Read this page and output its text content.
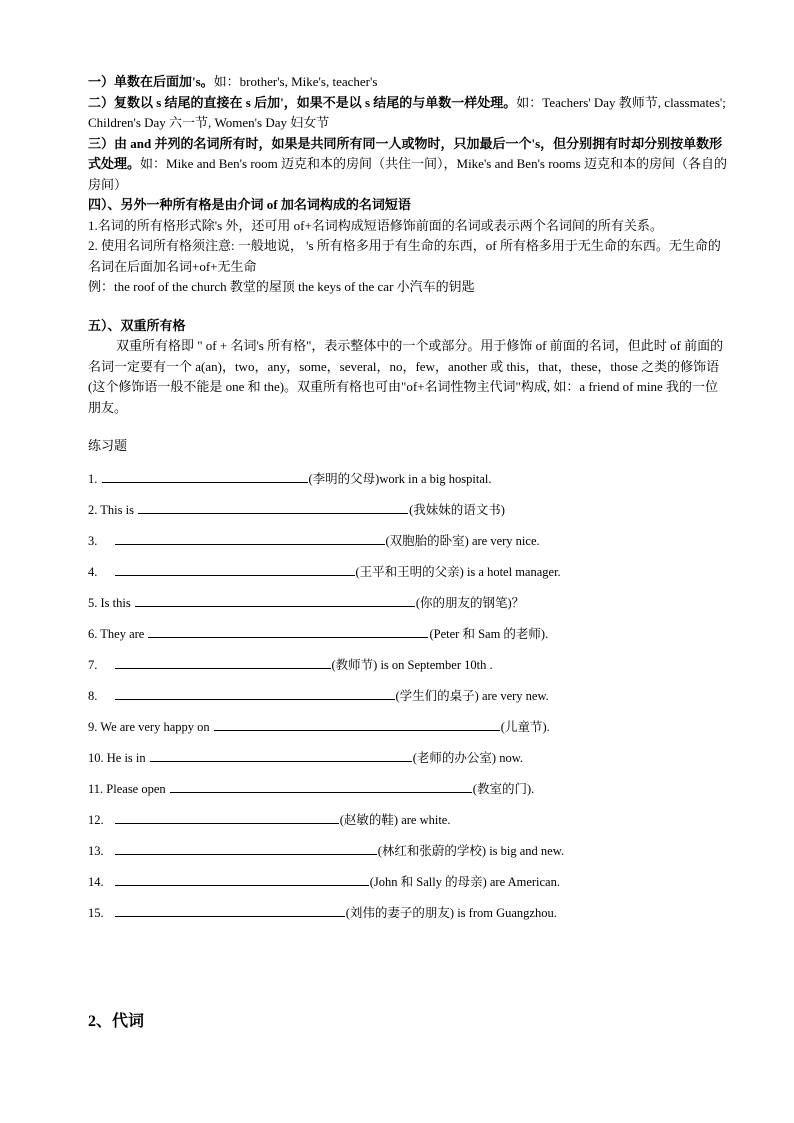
一）单数在后面加's。如：brother's, Mike's, teacher's

二）复数以 s 结尾的直接在 s 后加'，如果不是以 s 结尾的与单数一样处理。如：Teachers' Day 教师节, classmates'; Children's Day 六一节, Women's Day 妇女节

三）由 and 并列的名词所有时，如果是共同所有同一人或物时，只加最后一个's，但分别拥有时却分别按单数形式处理。如：Mike and Ben's room 迈克和本的房间（共住一间），Mike's and Ben's rooms 迈克和本的房间（各自的房间）

四）、另外一种所有格是由介词 of 加名词构成的名词短语

1.名词的所有格形式除's 外，还可用 of+名词构成短语修饰前面的名词或表示两个名词间的所有关系。

2. 使用名词所有格须注意: 一般地说， 's 所有格多用于有生命的东西，of 所有格多用于无生命的东西。无生命的名词在后面加名词+of+无生命

例：the roof of the church 教堂的屋顶 the keys of the car 小汽车的钥匙

五）、双重所有格

双重所有格即 " of + 名词's 所有格"，表示整体中的一个或部分。用于修饰 of 前面的名词，但此时 of 前面的名词一定要有一个 a(an)，two，any，some，several，no，few，another 或 this，that，these，those 之类的修饰语(这个修饰语一般不能是 one 和 the)。双重所有格也可由"of+名词性物主代词"构成, 如：a friend of mine 我的一位朋友。

练习题

1.	(李明的父母)work in a big hospital.
2. This is	(我妹妹的语文书)
3.	(双胞胎的卧室) are very nice.
4.	(王平和王明的父亲) is a hotel manager.
5. Is this	(你的朋友的钢笔)？
6. They are	(Peter 和 Sam 的老师).
7.	(教师节) is on September 10th .
8.	(学生们的桌子) are very new.
9. We are very happy on	(儿童节).
10. He is in	(老师的办公室) now.
11. Please open	(教室的门).
12.	(赵敏的鞋) are white.
13.	(林红和张蔚的学校) is big and new.
14.	(John 和 Sally 的母亲) are American.
15.	(刘伟的妻子的朋友) is from Guangzhou.
2、代词
